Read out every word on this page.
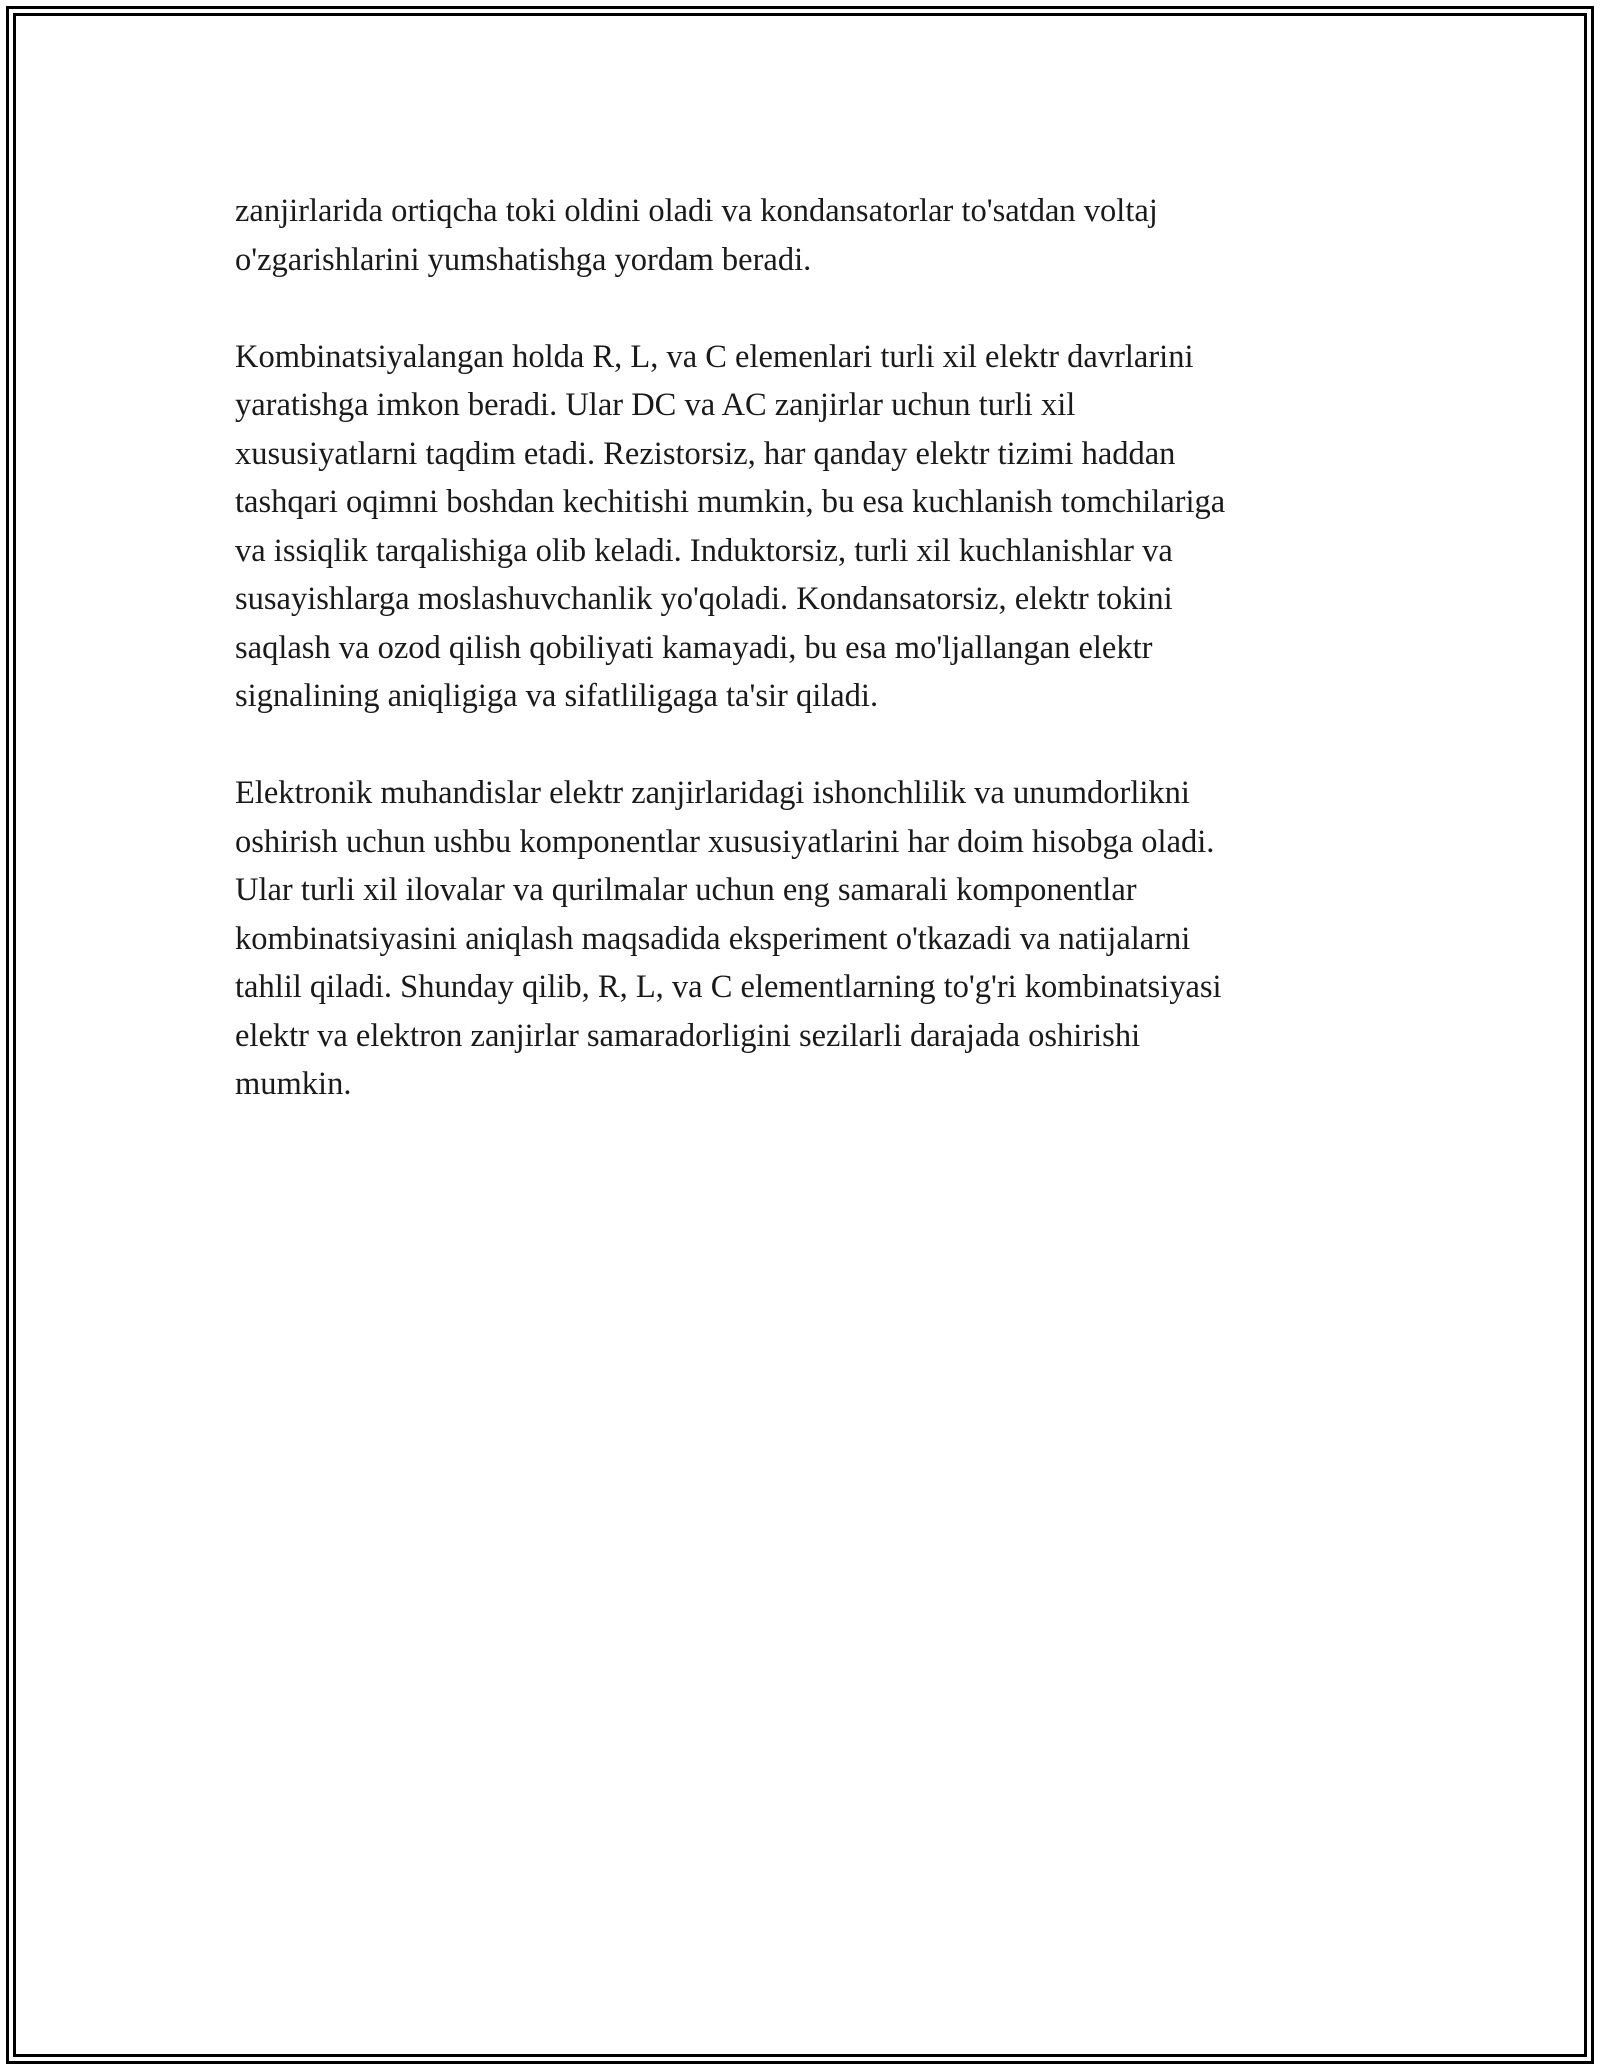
zanjirlarida ortiqcha toki oldini oladi va kondansatorlar to'satdan voltaj
o'zgarishlarini yumshatishga yordam beradi.

Kombinatsiyalangan holda R, L, va C elemenlari turli xil elektr davrlarini
yaratishga imkon beradi. Ular DC va AC zanjirlar uchun turli xil
xususiyatlarni taqdim etadi. Rezistorsiz, har qanday elektr tizimi haddan
tashqari oqimni boshdan kechitishi mumkin, bu esa kuchlanish tomchilariga
va issiqlik tarqalishiga olib keladi. Induktorsiz, turli xil kuchlanishlar va
susayishlarga moslashuvchanlik yo'qoladi. Kondansatorsiz, elektr tokini
saqlash va ozod qilish qobiliyati kamayadi, bu esa mo'ljallangan elektr
signalining aniqligiga va sifatliligaga ta'sir qiladi.

Elektronik muhandislar elektr zanjirlaridagi ishonchlilik va unumdorlikni
oshirish uchun ushbu komponentlar xususiyatlarini har doim hisobga oladi.
Ular turli xil ilovalar va qurilmalar uchun eng samarali komponentlar
kombinatsiyasini aniqlash maqsadida eksperiment o'tkazadi va natijalarni
tahlil qiladi. Shunday qilib, R, L, va C elementlarning to'g'ri kombinatsiyasi
elektr va elektron zanjirlar samaradorligini sezilarli darajada oshirishi
mumkin.
